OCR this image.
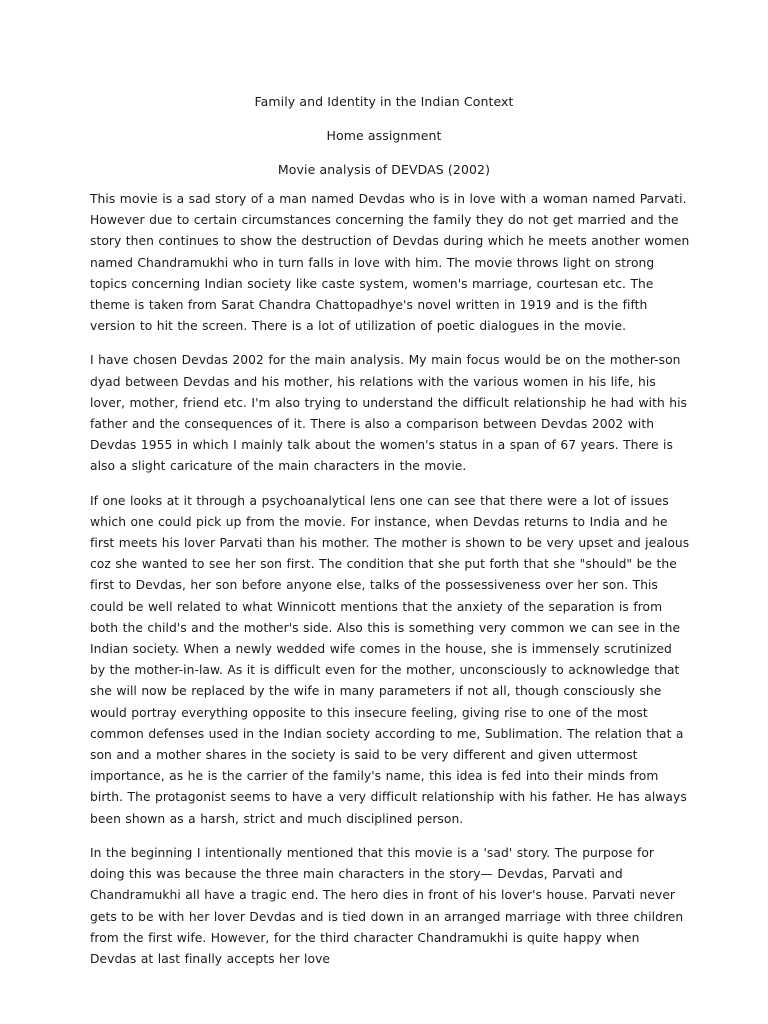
Family and Identity in the Indian Context
Home assignment
Movie analysis of DEVDAS (2002)

This movie is a sad story of a man named Devdas who is in love with a woman named Parvati. However due to certain circumstances concerning the family they do not get married and the story then continues to show the destruction of Devdas during which he meets another women named Chandramukhi who in turn falls in love with him. The movie throws light on strong topics concerning Indian society like caste system, women's marriage, courtesan etc. The theme is taken from Sarat Chandra Chattopadhye's novel written in 1919 and is the fifth version to hit the screen. There is a lot of utilization of poetic dialogues in the movie.

I have chosen Devdas 2002 for the main analysis. My main focus would be on the mother-son dyad between Devdas and his mother, his relations with the various women in his life, his lover, mother, friend etc. I'm also trying to understand the difficult relationship he had with his father and the consequences of it. There is also a comparison between Devdas 2002 with Devdas 1955 in which I mainly talk about the women's status in a span of 67 years. There is also a slight caricature of the main characters in the movie.

If one looks at it through a psychoanalytical lens one can see that there were a lot of issues which one could pick up from the movie. For instance, when Devdas returns to India and he first meets his lover Parvati than his mother. The mother is shown to be very upset and jealous coz she wanted to see her son first. The condition that she put forth that she "should" be the first to Devdas, her son before anyone else, talks of the possessiveness over her son. This could be well related to what Winnicott mentions that the anxiety of the separation is from both the child's and the mother's side. Also this is something very common we can see in the Indian society. When a newly wedded wife comes in the house, she is immensely scrutinized by the mother-in-law. As it is difficult even for the mother, unconsciously to acknowledge that she will now be replaced by the wife in many parameters if not all, though consciously she would portray everything opposite to this insecure feeling, giving rise to one of the most common defenses used in the Indian society according to me, Sublimation. The relation that a son and a mother shares in the society is said to be very different and given uttermost importance, as he is the carrier of the family's name, this idea is fed into their minds from birth. The protagonist seems to have a very difficult relationship with his father. He has always been shown as a harsh, strict and much disciplined person.

In the beginning I intentionally mentioned that this movie is a 'sad' story. The purpose for doing this was because the three main characters in the story— Devdas, Parvati and Chandramukhi all have a tragic end. The hero dies in front of his lover's house. Parvati never gets to be with her lover Devdas and is tied down in an arranged marriage with three children from the first wife. However, for the third character Chandramukhi is quite happy when Devdas at last finally accepts her love
